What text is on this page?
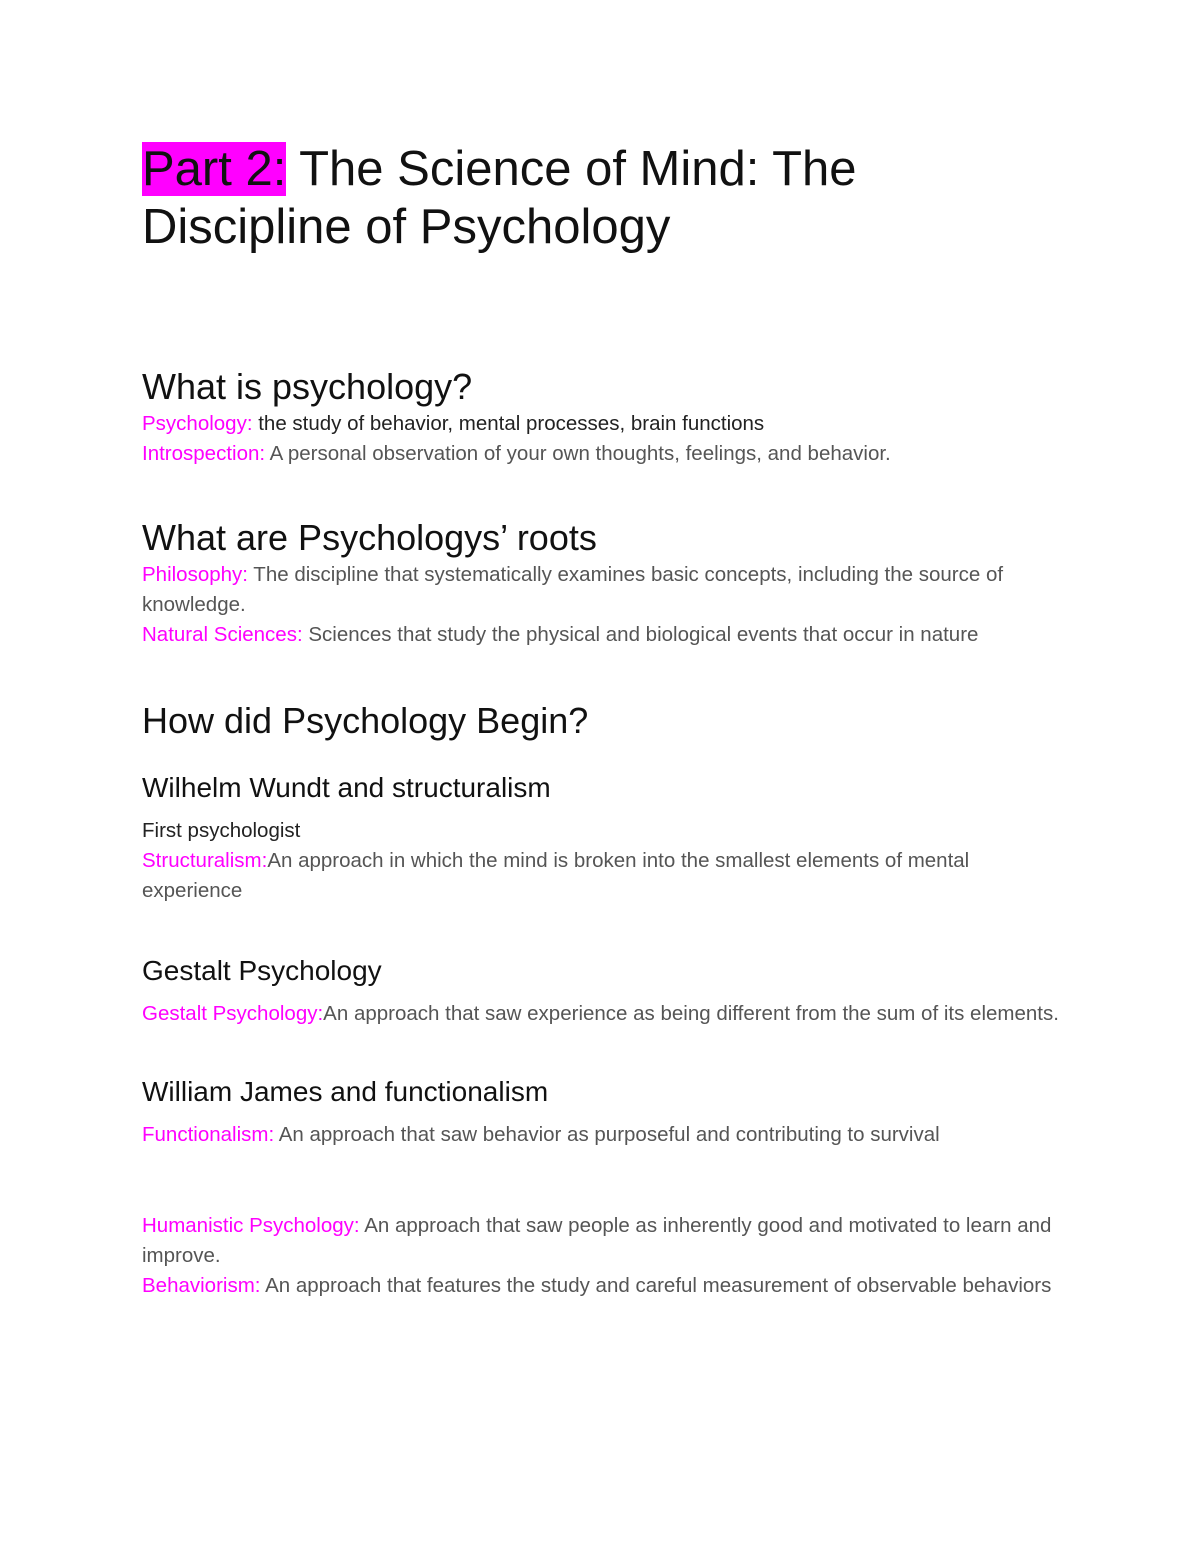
Part 2: The Science of Mind: The Discipline of Psychology
What is psychology?

Psychology: the study of behavior, mental processes, brain functions

Introspection: A personal observation of your own thoughts, feelings, and behavior.

What are Psychologys’ roots

Philosophy: The discipline that systematically examines basic concepts, including the source of knowledge.

Natural Sciences: Sciences that study the physical and biological events that occur in nature

How did Psychology Begin?
Wilhelm Wundt and structuralism

First psychologist

Structuralism:An approach in which the mind is broken into the smallest elements of mental experience

Gestalt Psychology

Gestalt Psychology:An approach that saw experience as being different from the sum of its elements.

William James and functionalism

Functionalism: An approach that saw behavior as purposeful and contributing to survival

Humanistic Psychology: An approach that saw people as inherently good and motivated to learn and improve.

Behaviorism: An approach that features the study and careful measurement of observable behaviors
